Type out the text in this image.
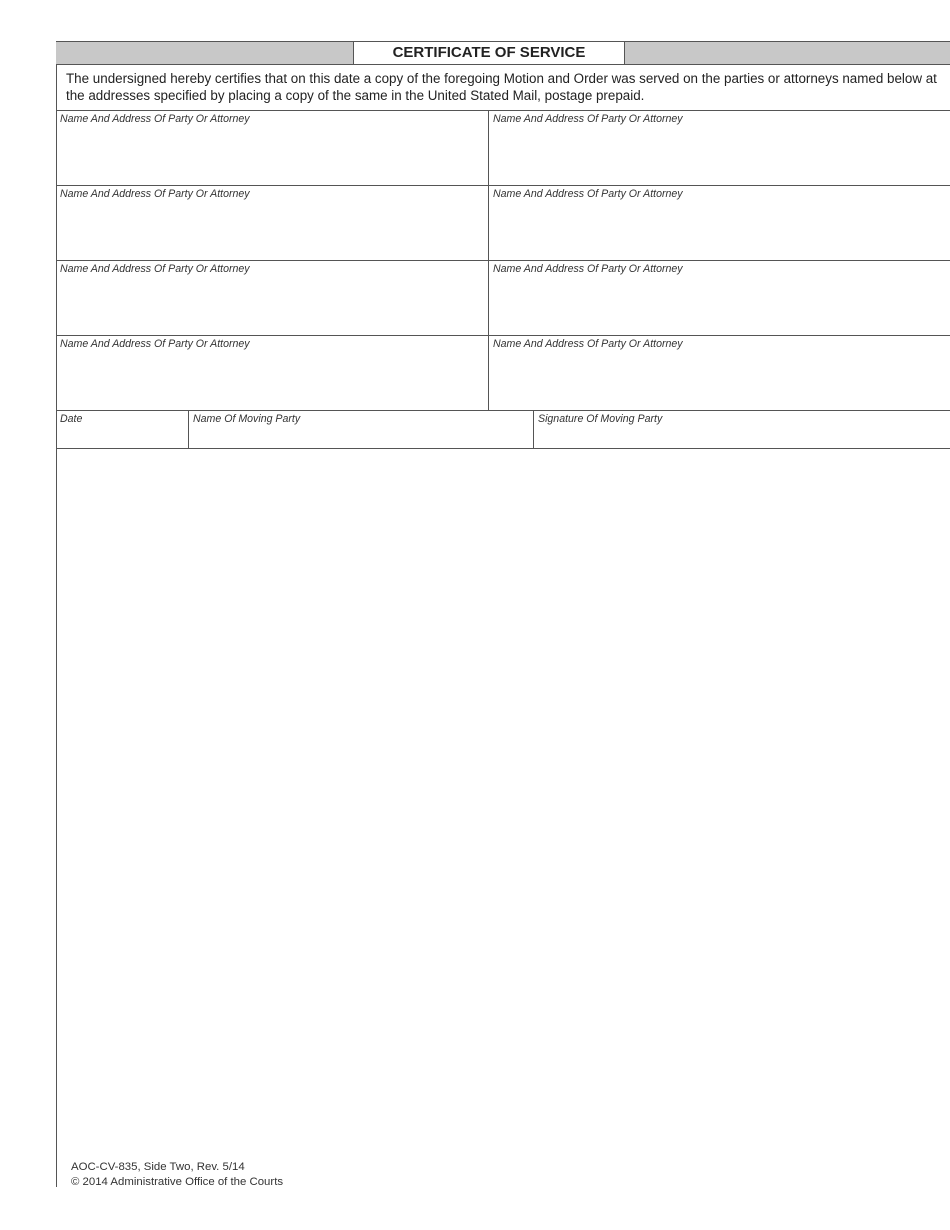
CERTIFICATE OF SERVICE
The undersigned hereby certifies that on this date a copy of the foregoing Motion and Order was served on the parties or attorneys named below at the addresses specified by placing a copy of the same in the United Stated Mail, postage prepaid.
Name And Address Of Party Or Attorney	Name And Address Of Party Or Attorney
Name And Address Of Party Or Attorney	Name And Address Of Party Or Attorney
Name And Address Of Party Or Attorney	Name And Address Of Party Or Attorney
Name And Address Of Party Or Attorney	Name And Address Of Party Or Attorney
Date	Name Of Moving Party	Signature Of Moving Party
AOC-CV-835, Side Two, Rev. 5/14
© 2014 Administrative Office of the Courts
